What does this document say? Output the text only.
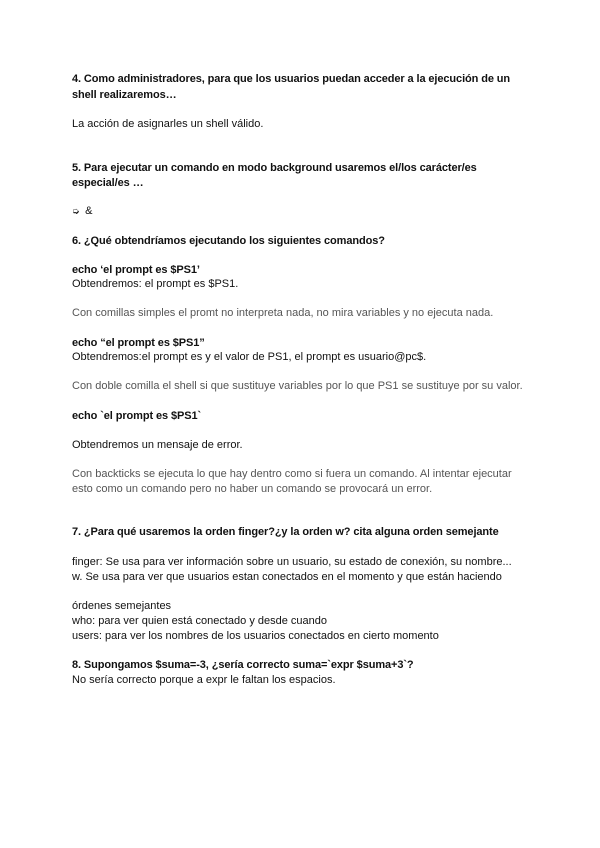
4. Como administradores, para que los usuarios puedan acceder a la ejecución de un

shell realizaremos…

La acción de asignarles un shell válido.

5. Para ejecutar un comando en modo background usaremos el/los carácter/es

especial/es …

➭ &

6. ¿Qué obtendríamos ejecutando los siguientes comandos?

echo ‘el prompt es $PS1’

Obtendremos: el prompt es $PS1.

Con comillas simples el promt no interpreta nada, no mira variables y no ejecuta nada.

echo “el prompt es $PS1”

Obtendremos:el prompt es y el valor de PS1, el prompt es usuario@pc$.

Con doble comilla el shell si que sustituye variables por lo que PS1 se sustituye por su valor.

echo `el prompt es $PS1`

Obtendremos un mensaje de error.

Con backticks se ejecuta lo que hay dentro como si fuera un comando. Al intentar ejecutar

esto como un comando pero no haber un comando se provocará un error.

7. ¿Para qué usaremos la orden finger?¿y la orden w? cita alguna orden semejante

finger: Se usa para ver información sobre un usuario, su estado de conexión, su nombre...

w. Se usa para ver que usuarios estan conectados en el momento y que están haciendo

órdenes semejantes

who: para ver quien está conectado y desde cuando

users: para ver los nombres de los usuarios conectados en cierto momento

8. Supongamos $suma=-3, ¿sería correcto suma=`expr $suma+3`?

No sería correcto porque a expr le faltan los espacios.
